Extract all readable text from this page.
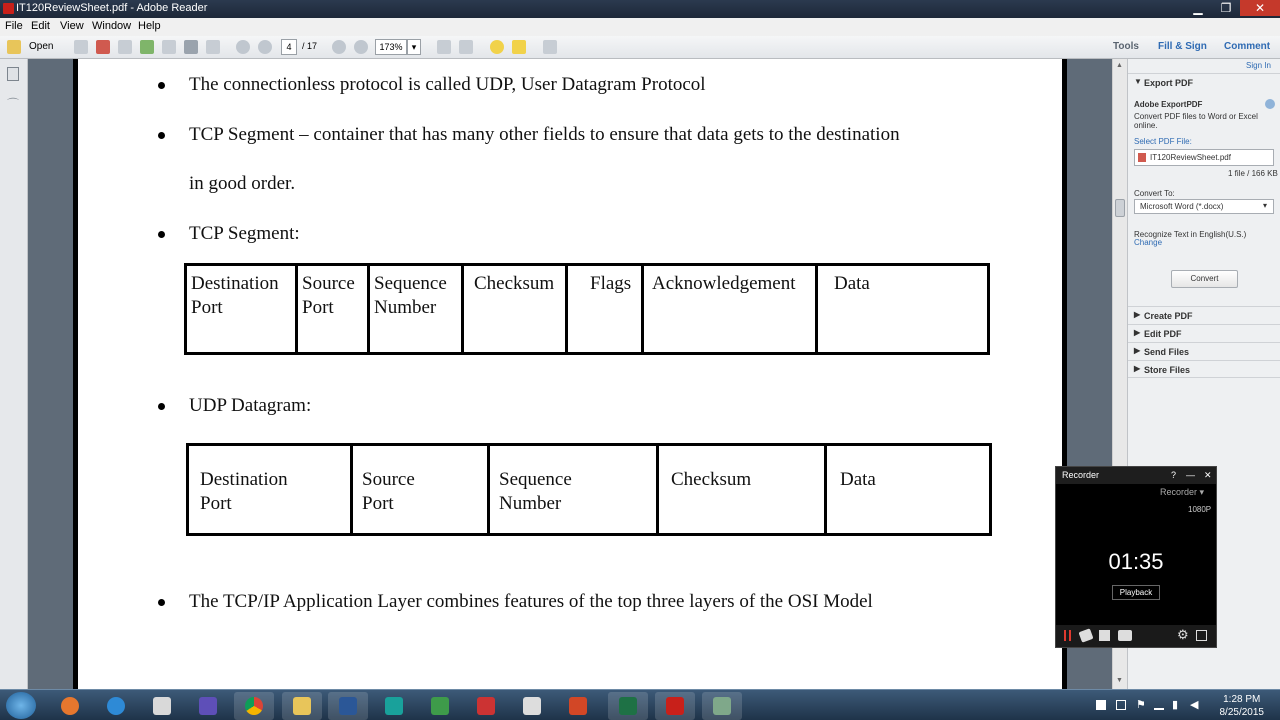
IT120ReviewSheet.pdf - Adobe Reader	▁	❐	✕
File Edit View Window Help
Open	4	/ 17	173%	▾	Tools Fill & Sign Comment
⌒
The connectionless protocol is called UDP, User Datagram Protocol
TCP Segment – container that has many other fields to ensure that data gets to the destination
in good order.
TCP Segment:
Destination
Port	Source
Port	Sequence
Number	Checksum	Flags	Acknowledgement	Data
UDP Datagram:
Destination
Port	Source
Port	Sequence
Number	Checksum	Data
The TCP/IP Application Layer combines features of the top three layers of the OSI Model
▲
▼
Sign In
▼ Export PDF
Adobe ExportPDF
Convert PDF files to Word or Excel online.
Select PDF File:
IT120ReviewSheet.pdf
1 file / 166 KB
Convert To:
Microsoft Word (*.docx)	▾
Recognize Text in English(U.S.)
Change
Convert
▶ Create PDF
▶ Edit PDF
▶ Send Files
▶ Store Files
Recorder	? — ✕
Recorder ▾
1080P
01:35
Playback
⚙
⚑ ▮ ◀	1:28 PM
8/25/2015
